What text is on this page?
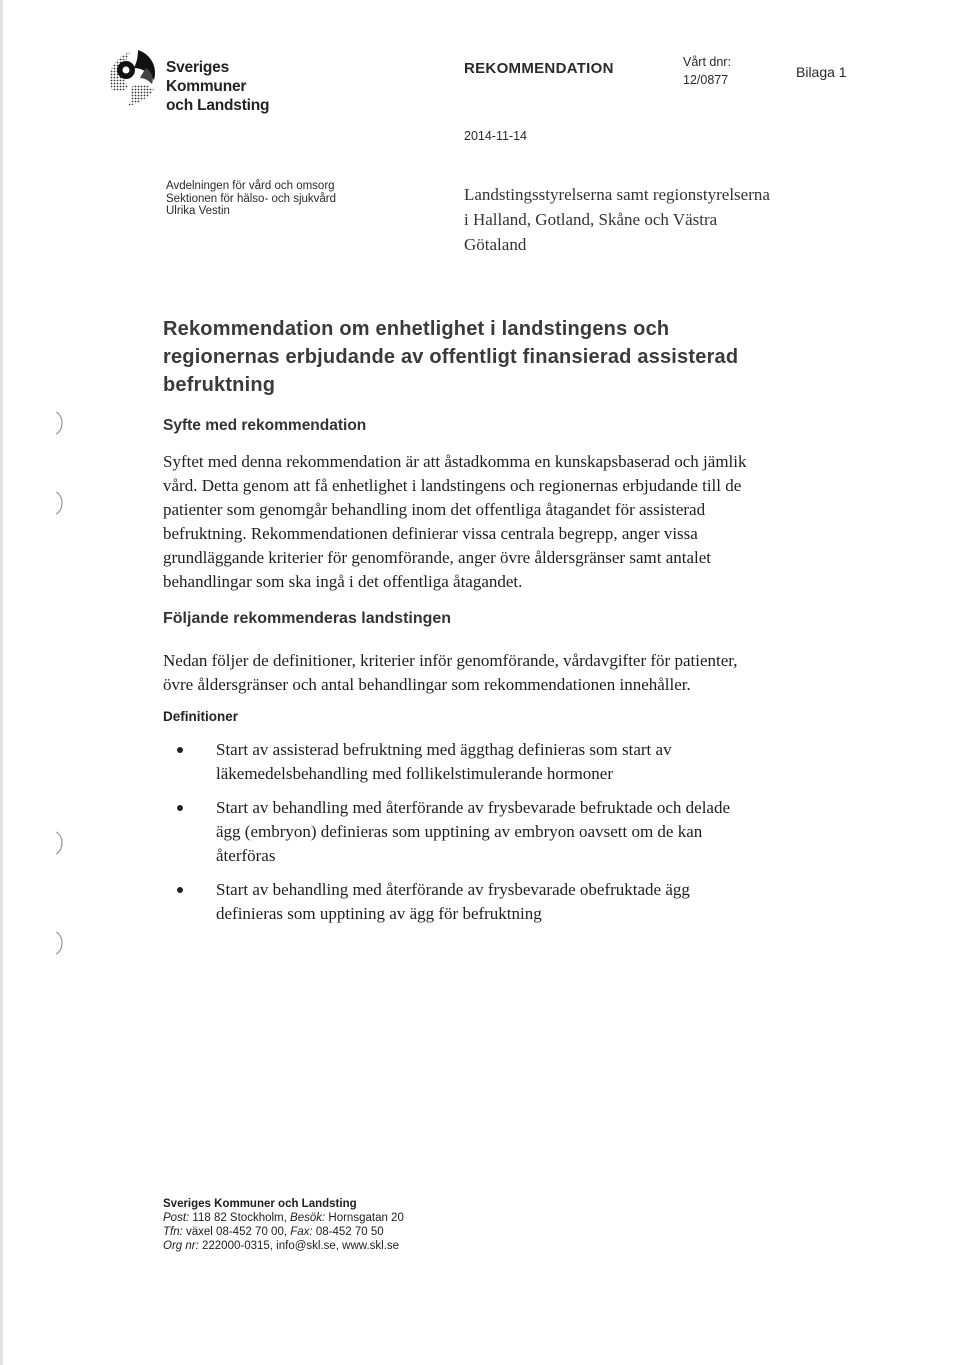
Sveriges
Kommuner
och Landsting
REKOMMENDATION	Vårt dnr:
12/0877	Bilaga 1
2014-11-14
Avdelningen för vård och omsorg
Sektionen för hälso- och sjukvård
Ulrika Vestin
Landstingsstyrelserna samt regionstyrelserna
i Halland, Gotland, Skåne och Västra
Götaland
Rekommendation om enhetlighet i landstingens och
regionernas erbjudande av offentligt finansierad assisterad
befruktning
Syfte med rekommendation
Syftet med denna rekommendation är att åstadkomma en kunskapsbaserad och jämlik
vård. Detta genom att få enhetlighet i landstingens och regionernas erbjudande till de
patienter som genomgår behandling inom det offentliga åtagandet för assisterad
befruktning. Rekommendationen definierar vissa centrala begrepp, anger vissa
grundläggande kriterier för genomförande, anger övre åldersgränser samt antalet
behandlingar som ska ingå i det offentliga åtagandet.
Följande rekommenderas landstingen
Nedan följer de definitioner, kriterier inför genomförande, vårdavgifter för patienter,
övre åldersgränser och antal behandlingar som rekommendationen innehåller.
Definitioner
Start av assisterad befruktning med äggthag definieras som start av
läkemedelsbehandling med follikelstimulerande hormoner
Start av behandling med återförande av frysbevarade befruktade och delade
ägg (embryon) definieras som upptining av embryon oavsett om de kan
återföras
Start av behandling med återförande av frysbevarade obefruktade ägg
definieras som upptining av ägg för befruktning
Sveriges Kommuner och Landsting
Post: 118 82 Stockholm, Besök: Hornsgatan 20
Tfn: växel 08-452 70 00, Fax: 08-452 70 50
Org nr: 222000-0315, info@skl.se, www.skl.se
